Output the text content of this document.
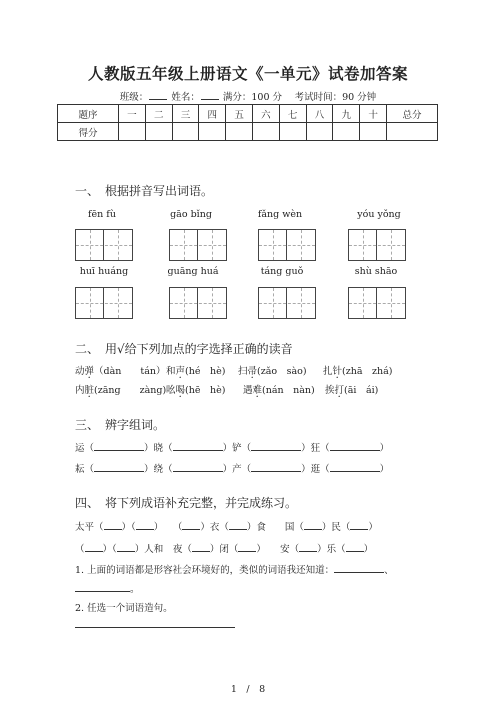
人教版五年级上册语文《一单元》试卷加答案
班级： 姓名： 满分：100 分　 考试时间：90 分钟
题序	一	二	三	四	五	六	七	八	九	十	总分
得分											
一、　根据拼音写出词语。
fēn fù	gāo bǐng	fǎng wèn	yóu yǒng
huī huáng	guāng huá	táng guǒ	shù shāo
二、　用√给下列加点的字选择正确的读音
动弹（dàn　　tán） 和声(hé　hè) 扫帚(zǎo　sào) 扎针(zhā　zhá)
内脏(zāng　　zàng) 吆喝(hē　hè) 遇难(nán　nàn) 挨打(āi　ái)
三、　辨字组词。
运（	）晓（	）铲（	）狂（	）
耘（	）绕（	）产（	）逛（	）
四、　将下列成语补充完整，并完成练习。
太平（ ）（ ）　　 （ ）衣（ ）食　　 国（ ）民（ ）
（ ）（ ）人和　 夜（ ）闭（ ）　　 安（ ）乐（ ）
1. 上面的词语都是形容社会环境好的，类似的词语我还知道：	、
。
2. 任选一个词语造句。
1　/　8
